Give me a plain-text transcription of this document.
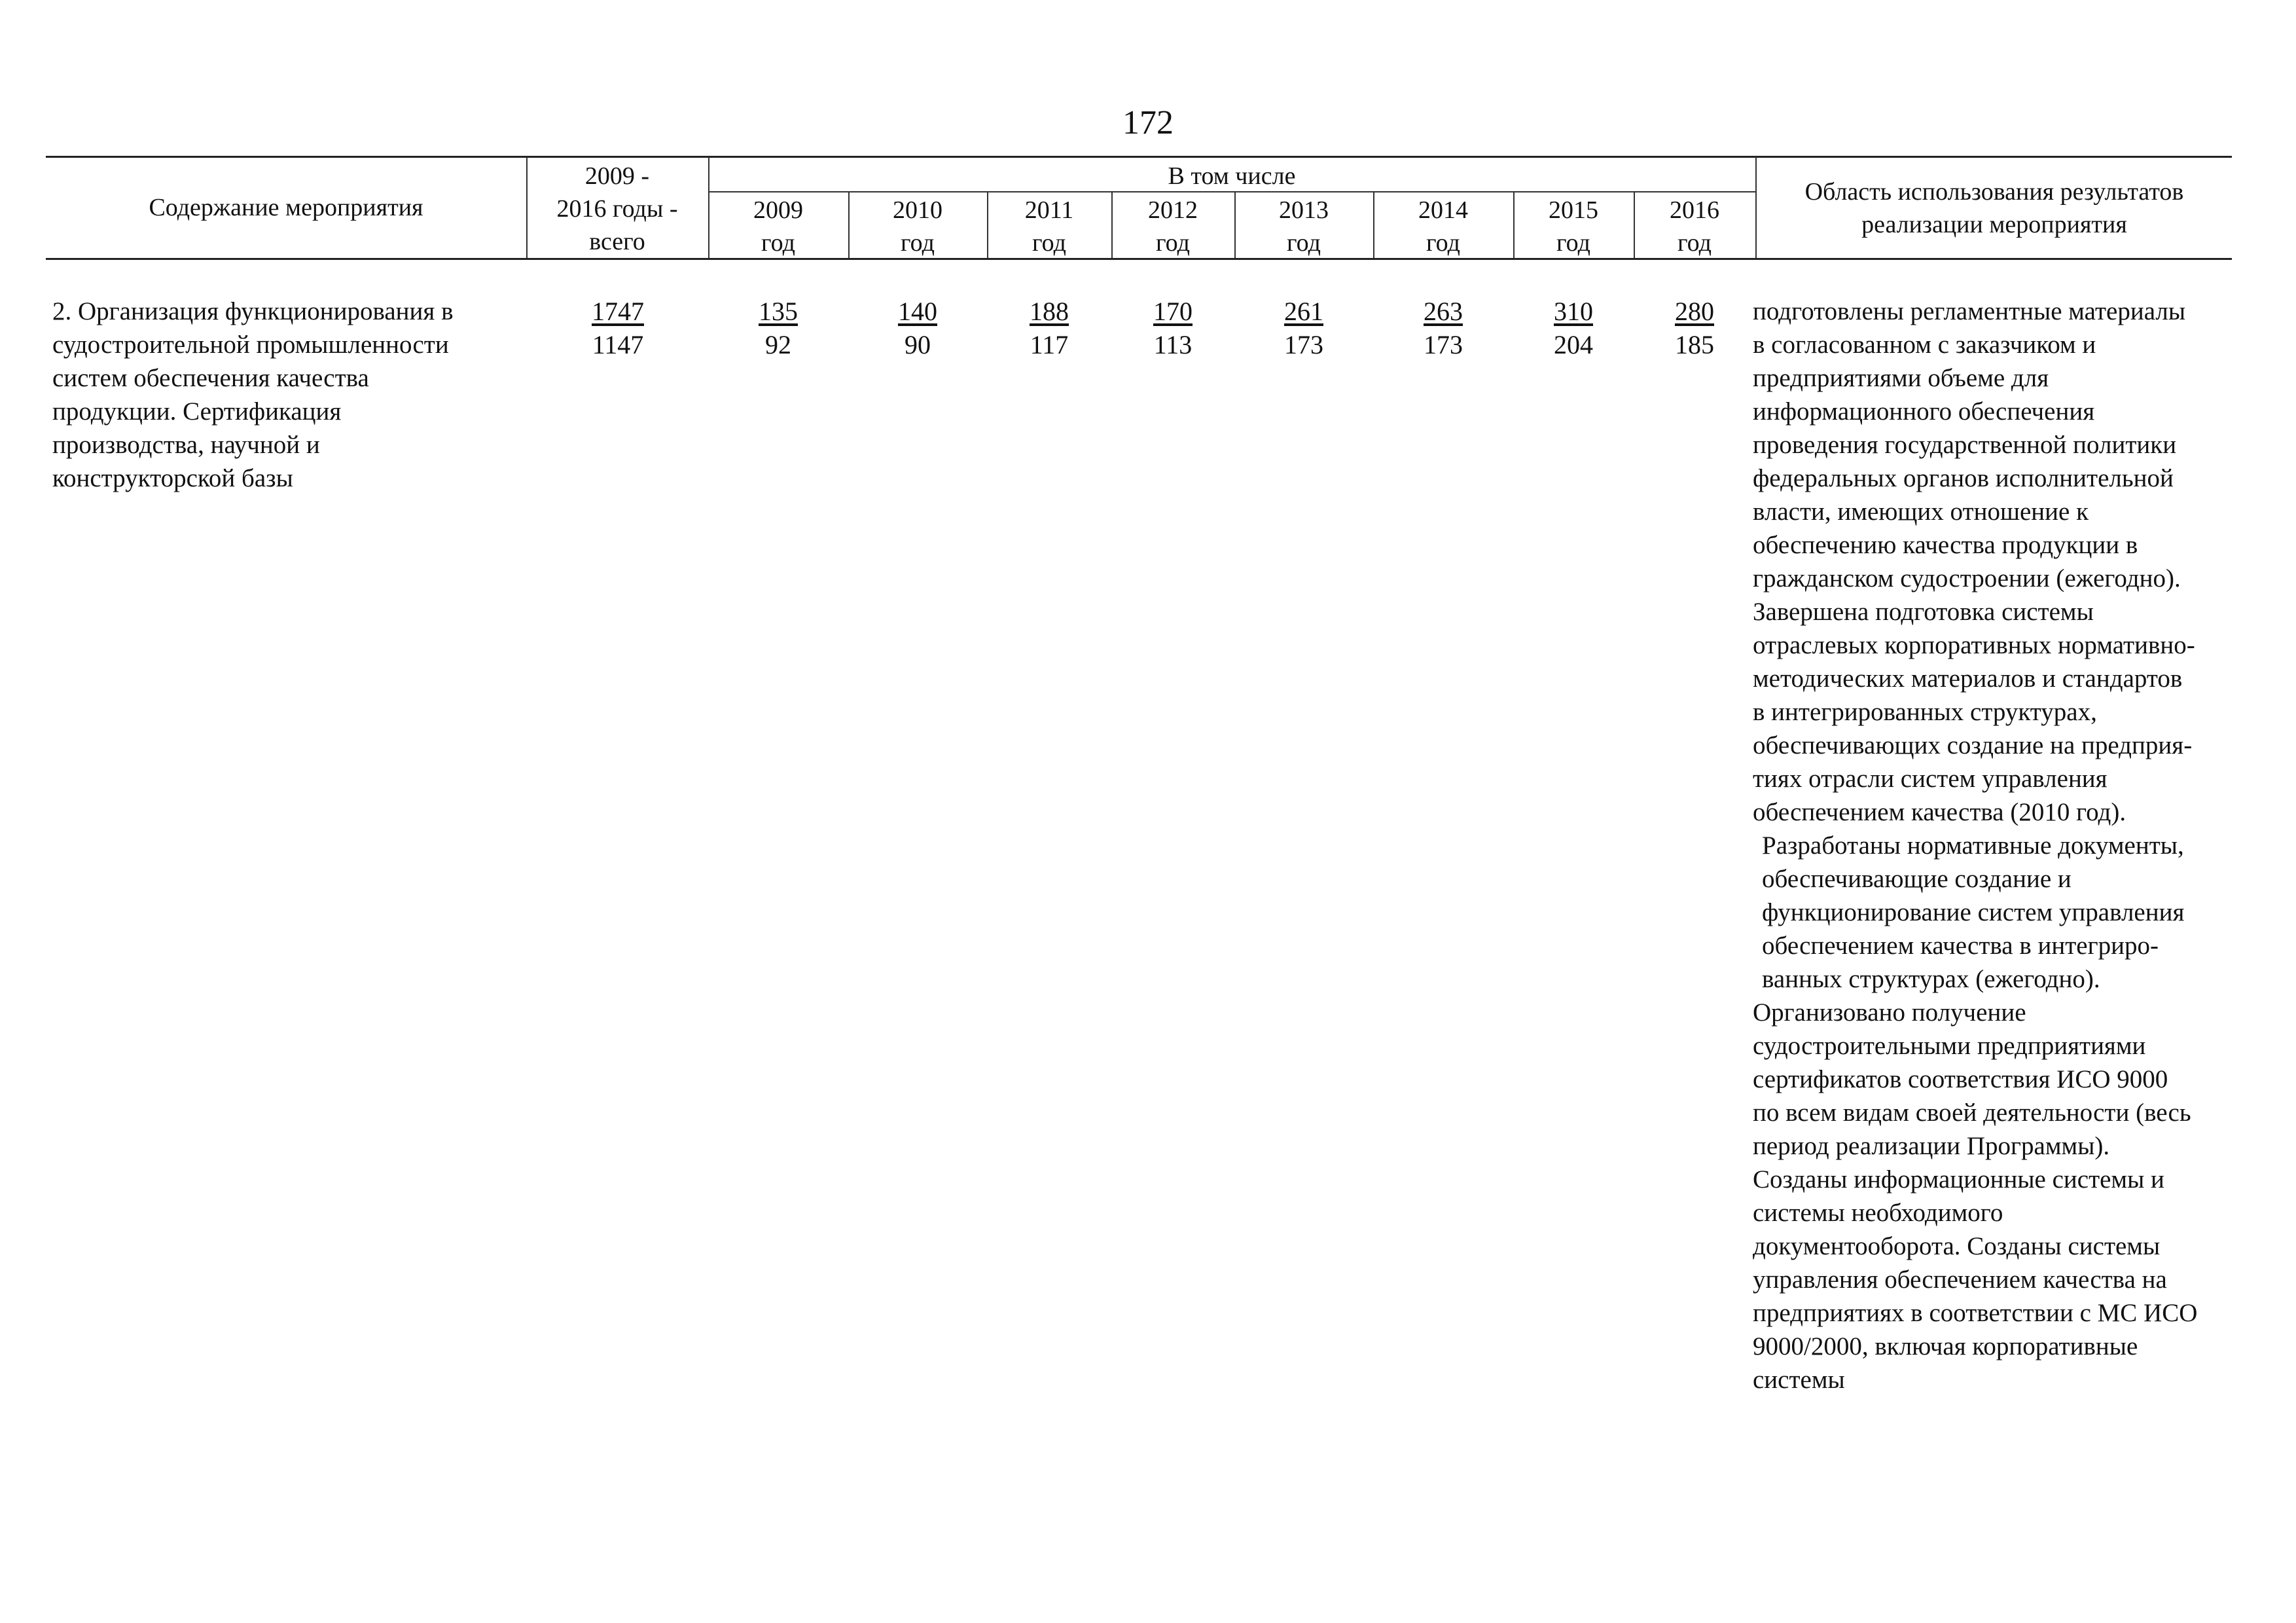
172
Содержание мероприятия
2009 -
2016 годы -
всего
В том числе
2009
год
2010
год
2011
год
2012
год
2013
год
2014
год
2015
год
2016
год
Область использования результатов
реализации мероприятия
2. Организация функционирования в
судостроительной промышленности
систем обеспечения качества
продукции. Сертификация
производства, научной и
конструкторской базы
1747
1147
135
92
140
90
188
117
170
113
261
173
263
173
310
204
280
185
подготовлены регламентные материалы
в согласованном с заказчиком и
предприятиями объеме для
информационного обеспечения
проведения государственной политики
федеральных органов исполнительной
власти, имеющих отношение к
обеспечению качества продукции в
гражданском судостроении (ежегодно).
Завершена подготовка системы
отраслевых корпоративных нормативно-
методических материалов и стандартов
в интегрированных структурах,
обеспечивающих создание на предприя-
тиях отрасли систем управления
обеспечением качества (2010 год).
Разработаны нормативные документы,
обеспечивающие создание и
функционирование систем управления
обеспечением качества в интегриро-
ванных структурах (ежегодно).
Организовано получение
судостроительными предприятиями
сертификатов соответствия ИСО 9000
по всем видам своей деятельности (весь
период реализации Программы).
Созданы информационные системы и
системы необходимого
документооборота. Созданы системы
управления обеспечением качества на
предприятиях в соответствии с МС ИСО
9000/2000, включая корпоративные
системы
